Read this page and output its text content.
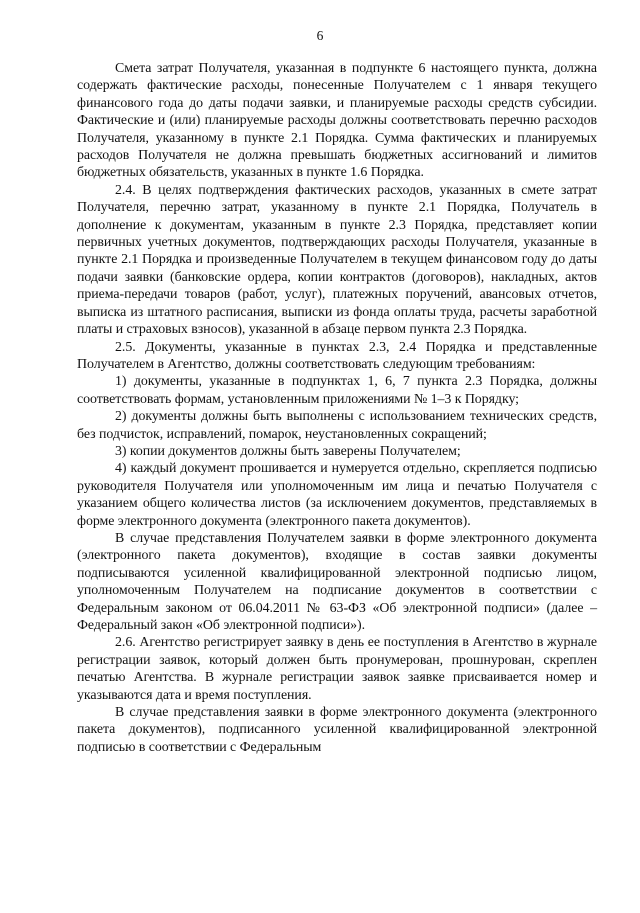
6

Смета затрат Получателя, указанная в подпункте 6 настоящего пункта, должна содержать фактические расходы, понесенные Получателем с 1 января текущего финансового года до даты подачи заявки, и планируемые расходы средств субсидии. Фактические и (или) планируемые расходы должны соответствовать перечню расходов Получателя, указанному в пункте 2.1 Порядка. Сумма фактических и планируемых расходов Получателя не должна превышать бюджетных ассигнований и лимитов бюджетных обязательств, указанных в пункте 1.6 Порядка.

2.4. В целях подтверждения фактических расходов, указанных в смете затрат Получателя, перечню затрат, указанному в пункте 2.1 Порядка, Получатель в дополнение к документам, указанным в пункте 2.3 Порядка, представляет копии первичных учетных документов, подтверждающих расходы Получателя, указанные в пункте 2.1 Порядка и произведенные Получателем в текущем финансовом году до даты подачи заявки (банковские ордера, копии контрактов (договоров), накладных, актов приема-передачи товаров (работ, услуг), платежных поручений, авансовых отчетов, выписка из штатного расписания, выписки из фонда оплаты труда, расчеты заработной платы и страховых взносов), указанной в абзаце первом пункта 2.3 Порядка.

2.5. Документы, указанные в пунктах 2.3, 2.4 Порядка и представленные Получателем в Агентство, должны соответствовать следующим требованиям:

1) документы, указанные в подпунктах 1, 6, 7 пункта 2.3 Порядка, должны соответствовать формам, установленным приложениями № 1–3 к Порядку;

2) документы должны быть выполнены с использованием технических средств, без подчисток, исправлений, помарок, неустановленных сокращений;

3) копии документов должны быть заверены Получателем;

4) каждый документ прошивается и нумеруется отдельно, скрепляется подписью руководителя Получателя или уполномоченным им лица и печатью Получателя с указанием общего количества листов (за исключением документов, представляемых в форме электронного документа (электронного пакета документов).

В случае представления Получателем заявки в форме электронного документа (электронного пакета документов), входящие в состав заявки документы подписываются усиленной квалифицированной электронной подписью лицом, уполномоченным Получателем на подписание документов в соответствии с Федеральным законом от 06.04.2011 № 63-ФЗ «Об электронной подписи» (далее – Федеральный закон «Об электронной подписи»).

2.6. Агентство регистрирует заявку в день ее поступления в Агентство в журнале регистрации заявок, который должен быть пронумерован, прошнурован, скреплен печатью Агентства. В журнале регистрации заявок заявке присваивается номер и указываются дата и время поступления.

В случае представления заявки в форме электронного документа (электронного пакета документов), подписанного усиленной квалифицированной электронной подписью в соответствии с Федеральным
